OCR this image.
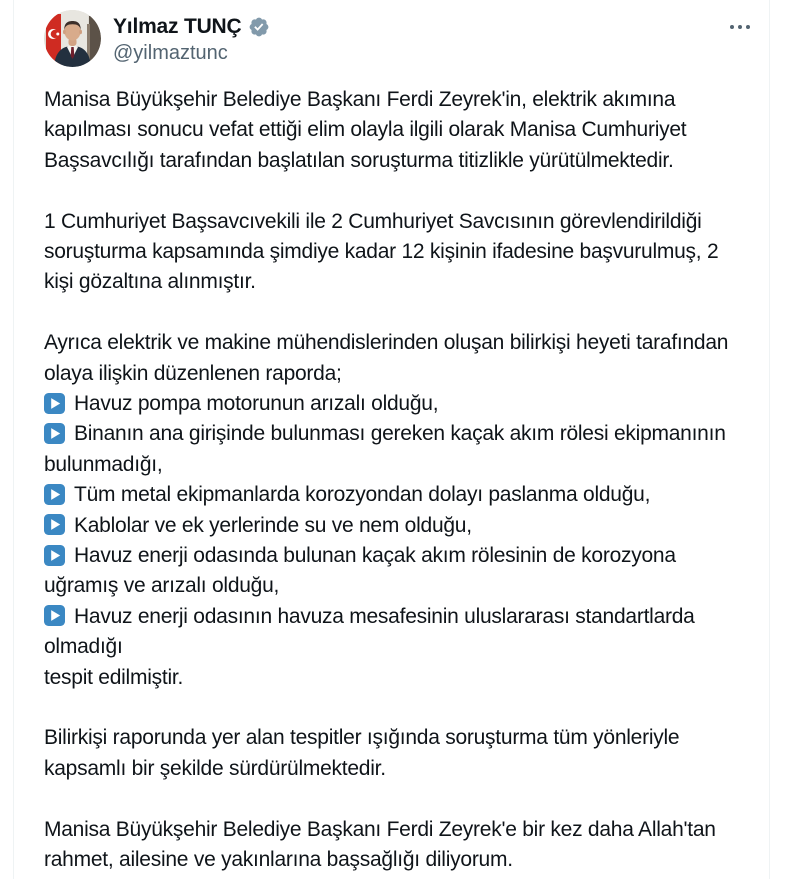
Yılmaz TUNÇ
@yilmaztunc
Manisa Büyükşehir Belediye Başkanı Ferdi Zeyrek'in, elektrik akımına kapılması sonucu vefat ettiği elim olayla ilgili olarak Manisa Cumhuriyet Başsavcılığı tarafından başlatılan soruşturma titizlikle yürütülmektedir.
1 Cumhuriyet Başsavcıvekili ile 2 Cumhuriyet Savcısının görevlendirildiği soruşturma kapsamında şimdiye kadar 12 kişinin ifadesine başvurulmuş, 2 kişi gözaltına alınmıştır.
Ayrıca elektrik ve makine mühendislerinden oluşan bilirkişi heyeti tarafından olaya ilişkin düzenlenen raporda;
Havuz pompa motorunun arızalı olduğu,
Binanın ana girişinde bulunması gereken kaçak akım rölesi ekipmanının bulunmadığı,
Tüm metal ekipmanlarda korozyondan dolayı paslanma olduğu,
Kablolar ve ek yerlerinde su ve nem olduğu,
Havuz enerji odasında bulunan kaçak akım rölesinin de korozyona uğramış ve arızalı olduğu,
Havuz enerji odasının havuza mesafesinin uluslararası standartlarda olmadığı
tespit edilmiştir.
Bilirkişi raporunda yer alan tespitler ışığında soruşturma tüm yönleriyle kapsamlı bir şekilde sürdürülmektedir.
Manisa Büyükşehir Belediye Başkanı Ferdi Zeyrek'e bir kez daha Allah'tan rahmet, ailesine ve yakınlarına başsağlığı diliyorum.
